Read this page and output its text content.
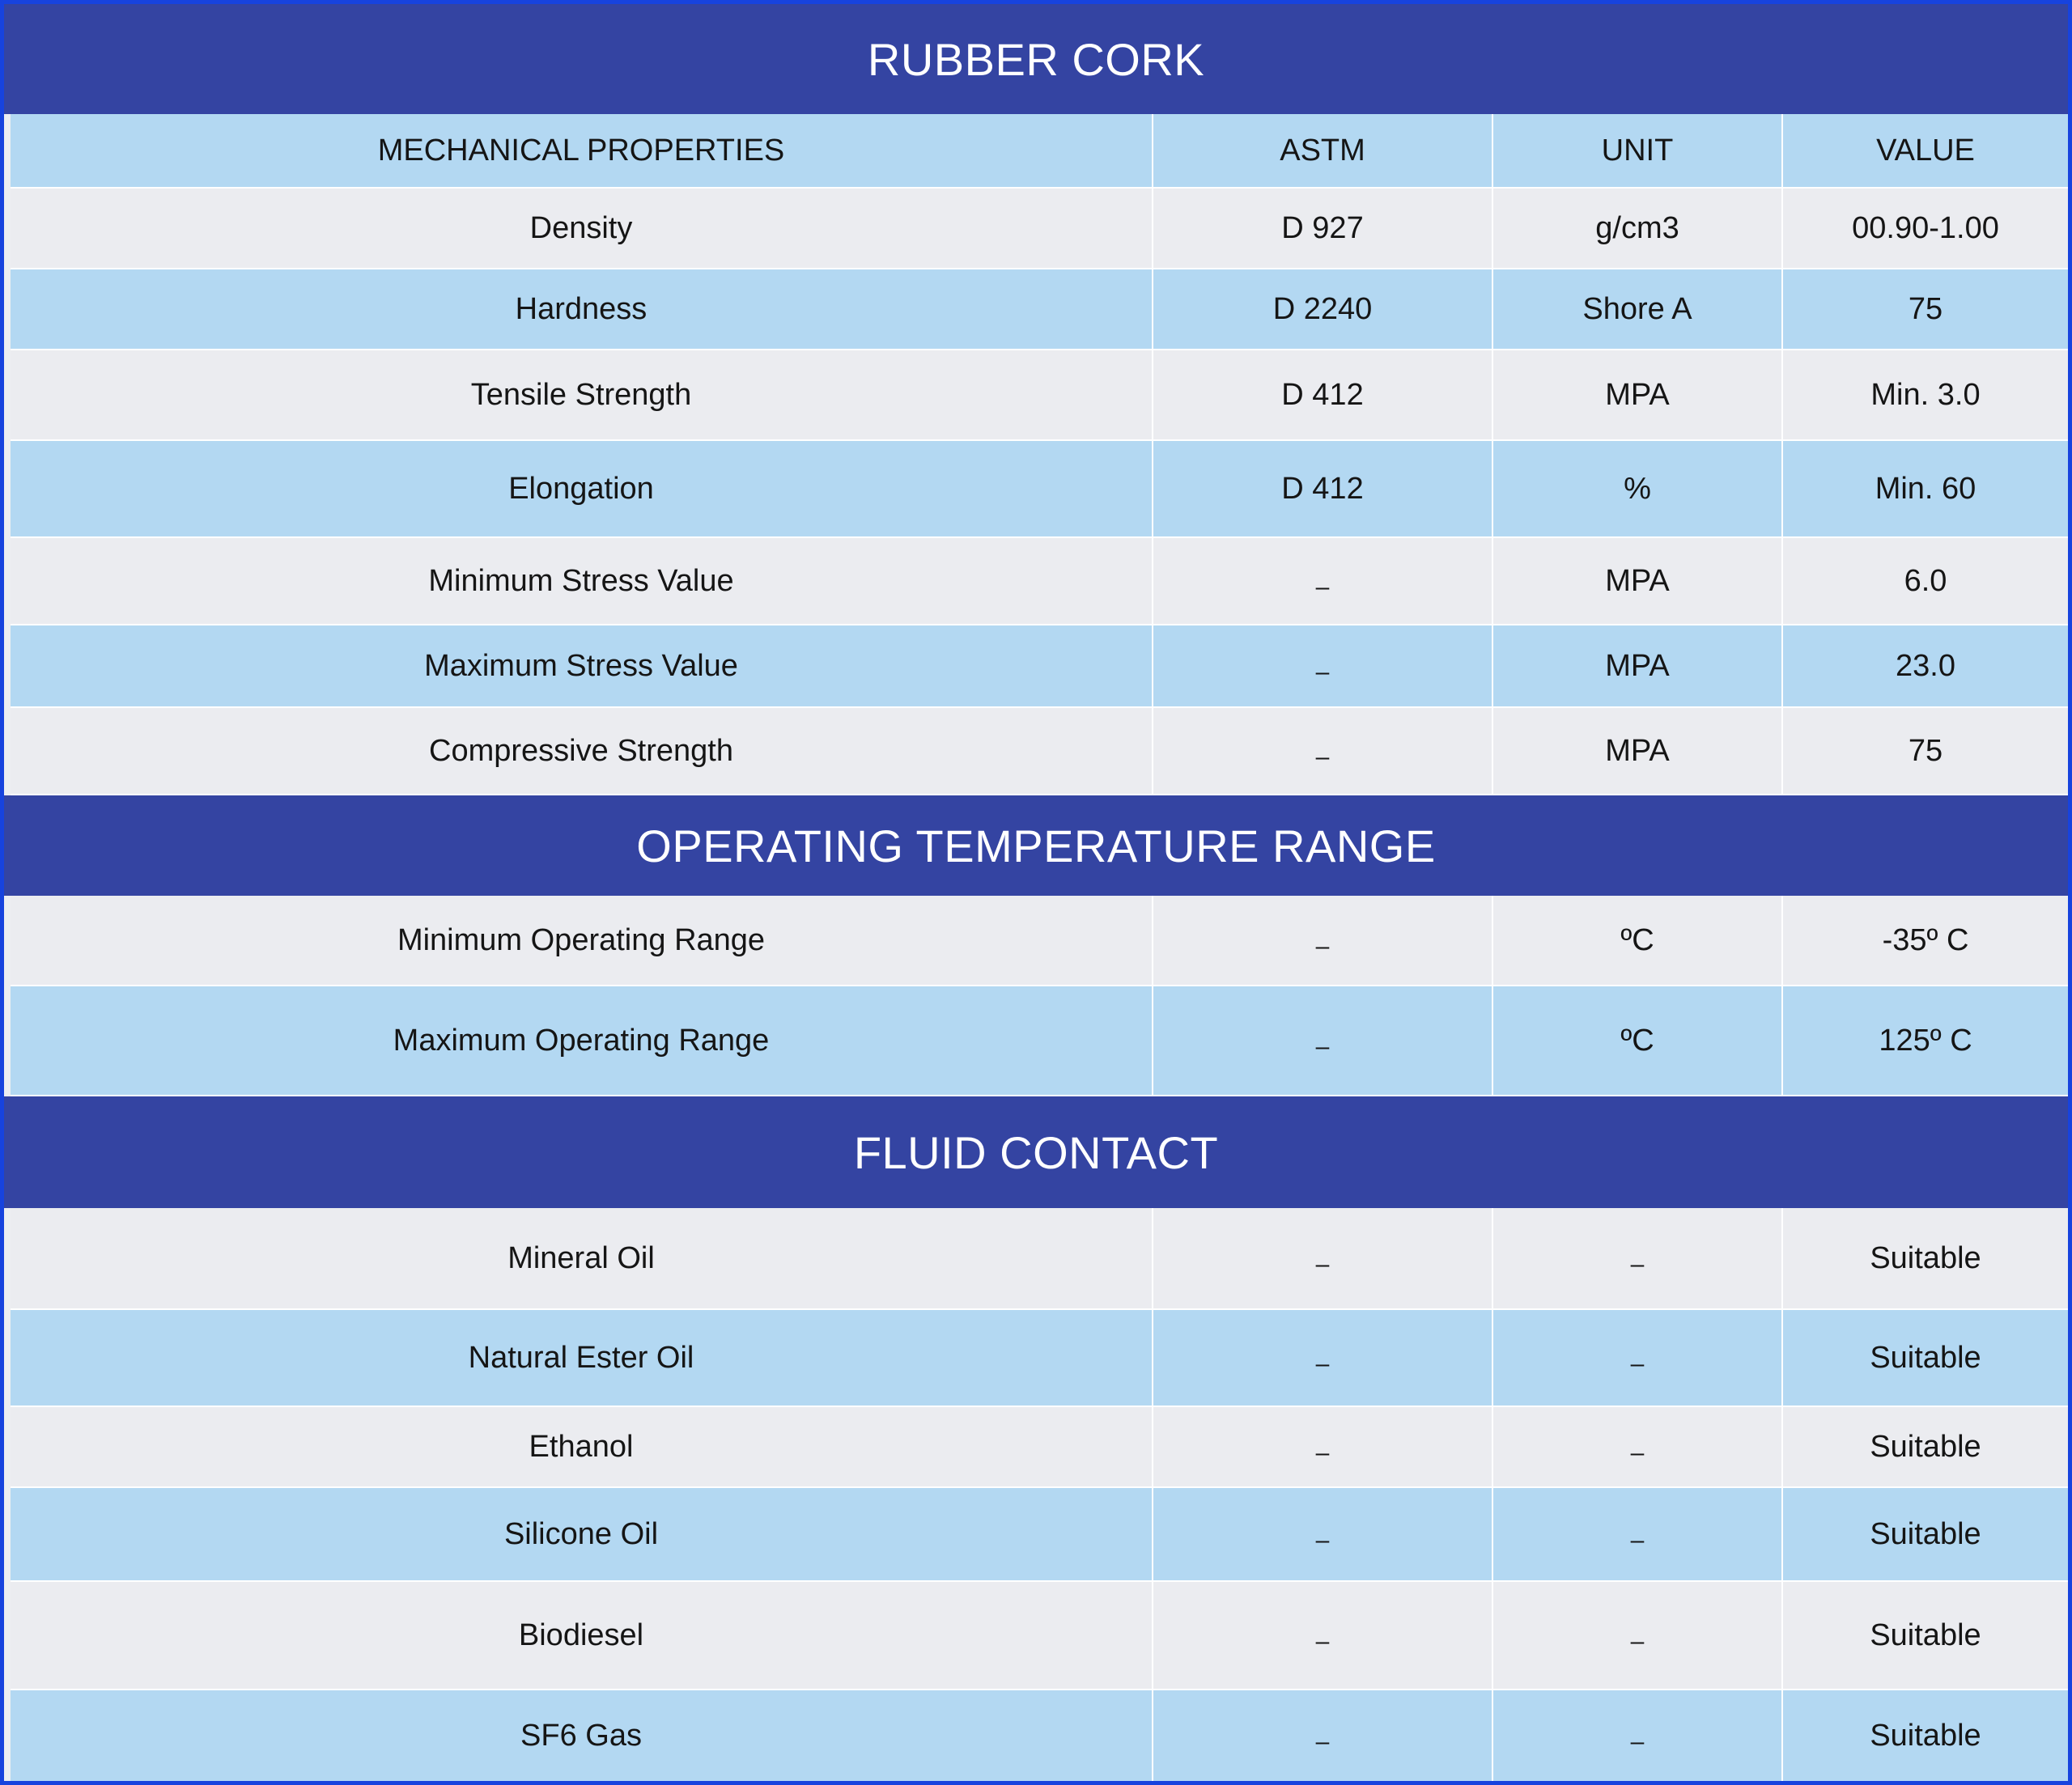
RUBBER CORK
MECHANICAL PROPERTIES	ASTM	UNIT	VALUE
Density	D 927	g/cm3	00.90-1.00
Hardness	D 2240	Shore A	75
Tensile Strength	D 412	MPA	Min. 3.0
Elongation	D 412	%	Min. 60
Minimum Stress Value	–	MPA	6.0
Maximum Stress Value	–	MPA	23.0
Compressive Strength	–	MPA	75
OPERATING TEMPERATURE RANGE
Minimum Operating Range	–	ºC	-35º C
Maximum Operating Range	–	ºC	125º C
FLUID CONTACT
Mineral Oil	–	–	Suitable
Natural Ester Oil	–	–	Suitable
Ethanol	–	–	Suitable
Silicone Oil	–	–	Suitable
Biodiesel	–	–	Suitable
SF6 Gas	–	–	Suitable
